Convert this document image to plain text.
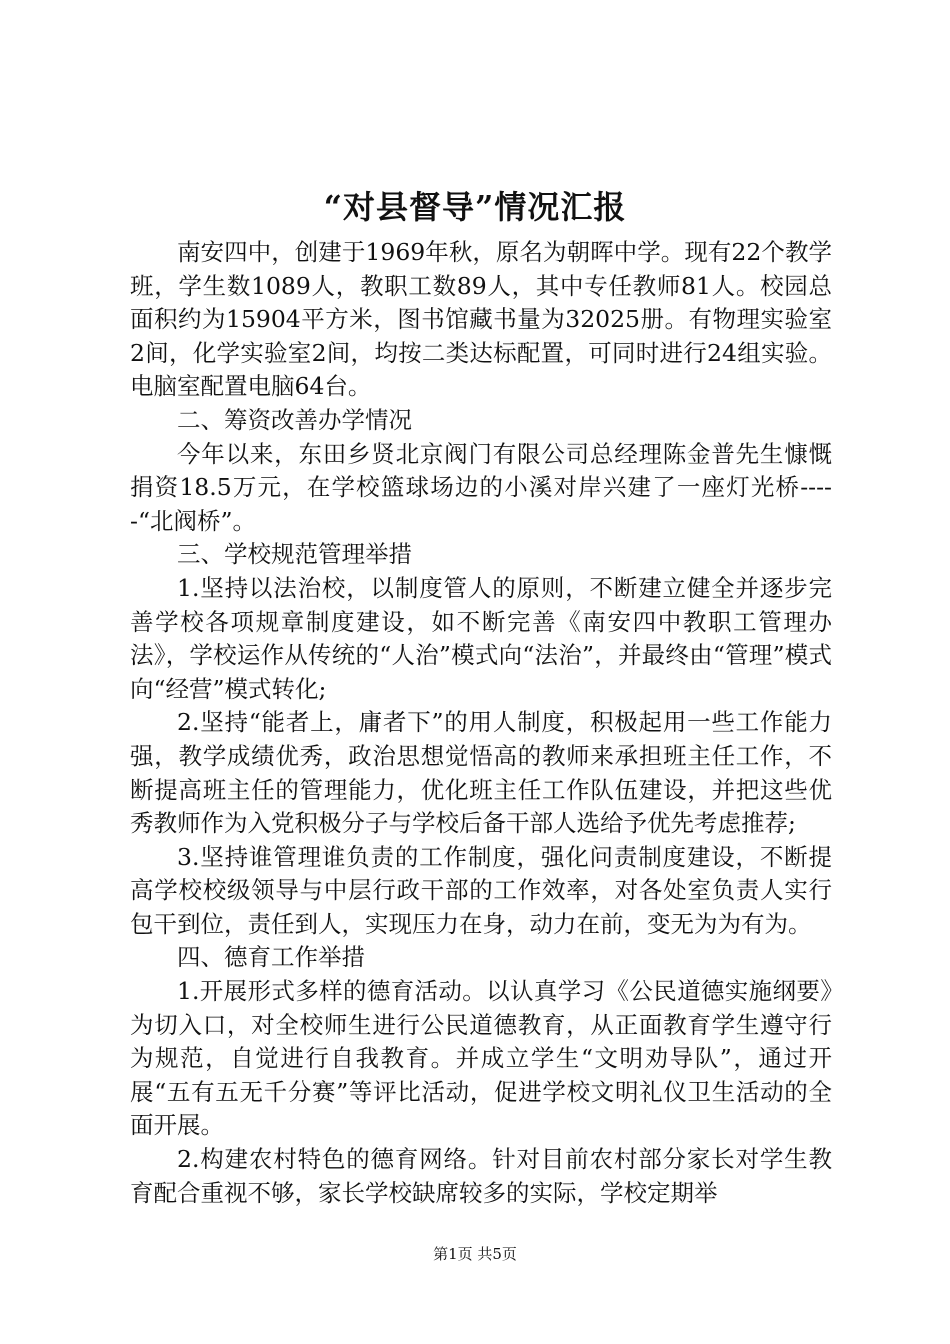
“对县督导”情况汇报

南安四中，创建于1969年秋，原名为朝晖中学。现有22个教学班，学生数1089人，教职工数89人，其中专任教师81人。校园总面积约为15904平方米，图书馆藏书量为32025册。有物理实验室2间，化学实验室2间，均按二类达标配置，可同时进行24组实验。电脑室配置电脑64台。

二、筹资改善办学情况

今年以来，东田乡贤北京阀门有限公司总经理陈金普先生慷慨捐资18.5万元，在学校篮球场边的小溪对岸兴建了一座灯光桥-----“北阀桥”。

三、学校规范管理举措

1.坚持以法治校，以制度管人的原则，不断建立健全并逐步完善学校各项规章制度建设，如不断完善《南安四中教职工管理办法》，学校运作从传统的“人治”模式向“法治”，并最终由“管理”模式向“经营”模式转化;

2.坚持“能者上，庸者下”的用人制度，积极起用一些工作能力强，教学成绩优秀，政治思想觉悟高的教师来承担班主任工作，不断提高班主任的管理能力，优化班主任工作队伍建设，并把这些优秀教师作为入党积极分子与学校后备干部人选给予优先考虑推荐;

3.坚持谁管理谁负责的工作制度，强化问责制度建设，不断提高学校校级领导与中层行政干部的工作效率，对各处室负责人实行包干到位，责任到人，实现压力在身，动力在前，变无为为有为。

四、德育工作举措

1.开展形式多样的德育活动。以认真学习《公民道德实施纲要》为切入口，对全校师生进行公民道德教育，从正面教育学生遵守行为规范，自觉进行自我教育。并成立学生“文明劝导队”，通过开展“五有五无千分赛”等评比活动，促进学校文明礼仪卫生活动的全面开展。

2.构建农村特色的德育网络。针对目前农村部分家长对学生教育配合重视不够，家长学校缺席较多的实际，学校定期举

第1页 共5页
